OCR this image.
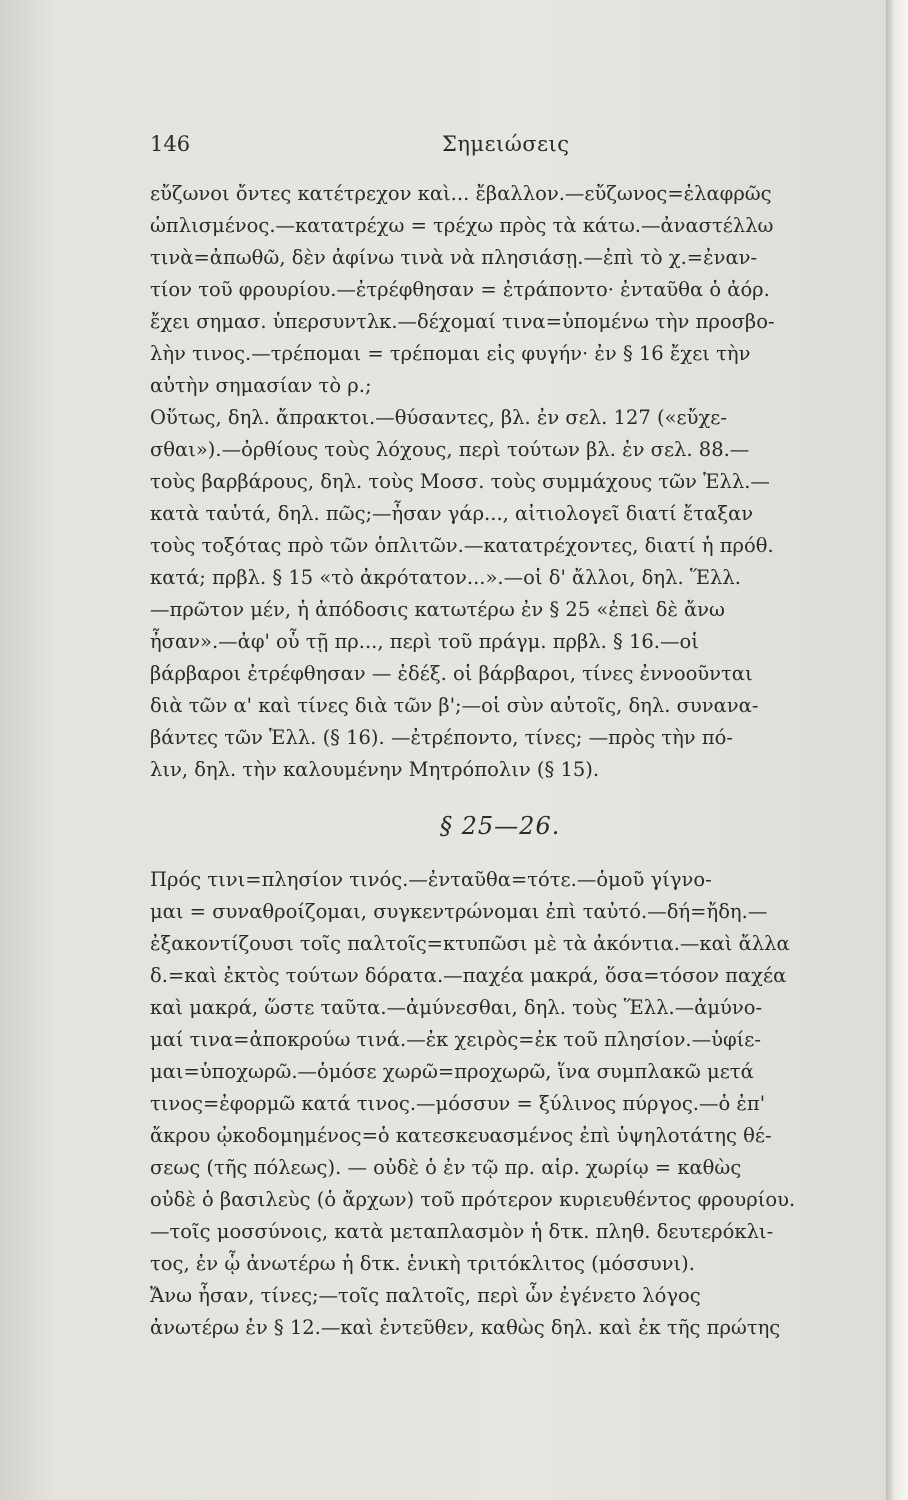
146	Σημειώσεις
εὔζωνοι ὄντες κατέτρεχον καὶ... ἔβαλλον.—εὔζωνος=ἐλαφρῶς
ὡπλισμένος.—κατατρέχω = τρέχω πρὸς τὰ κάτω.—ἀναστέλλω
τινὰ=ἀπωθῶ, δὲν ἀφίνω τινὰ νὰ πλησιάσῃ.—ἐπὶ τὸ χ.=ἐναν-
τίον τοῦ φρουρίου.—ἐτρέφθησαν = ἐτράποντο· ἐνταῦθα ὁ ἀόρ.
ἔχει σημασ. ὑπερσυντλκ.—δέχομαί τινα=ὑπομένω τὴν προσβο-
λὴν τινος.—τρέπομαι = τρέπομαι εἰς φυγήν· ἐν § 16 ἔχει τὴν
αὐτὴν σημασίαν τὸ ρ.;
Οὕτως, δηλ. ἄπρακτοι.—θύσαντες, βλ. ἐν σελ. 127 («εὔχε-
σθαι»).—ὀρθίους τοὺς λόχους, περὶ τούτων βλ. ἐν σελ. 88.—
τοὺς βαρβάρους, δηλ. τοὺς Μοσσ. τοὺς συμμάχους τῶν Ἑλλ.—
κατὰ ταὐτά, δηλ. πῶς;—ἦσαν γάρ..., αἰτιολογεῖ διατί ἔταξαν
τοὺς τοξότας πρὸ τῶν ὁπλιτῶν.—κατατρέχοντες, διατί ἡ πρόθ.
κατά; πρβλ. § 15 «τὸ ἀκρότατον...».—οἱ δ' ἄλλοι, δηλ. Ἕλλ.
—πρῶτον μέν, ἡ ἀπόδοσις κατωτέρω ἐν § 25 «ἐπεὶ δὲ ἄνω
ἦσαν».—ἀφ' οὗ τῇ πρ..., περὶ τοῦ πράγμ. πρβλ. § 16.—οἱ
βάρβαροι ἐτρέφθησαν — ἐδέξ. οἱ βάρβαροι, τίνες ἐννοοῦνται
διὰ τῶν α' καὶ τίνες διὰ τῶν β';—οἱ σὺν αὐτοῖς, δηλ. συνανα-
βάντες τῶν Ἑλλ. (§ 16). —ἐτρέποντο, τίνες; —πρὸς τὴν πό-
λιν, δηλ. τὴν καλουμένην Μητρόπολιν (§ 15).
§ 25—26.
Πρός τινι=πλησίον τινός.—ἐνταῦθα=τότε.—ὁμοῦ γίγνο-
μαι = συναθροίζομαι, συγκεντρώνομαι ἐπὶ ταὐτό.—δή=ἤδη.—
ἐξακοντίζουσι τοῖς παλτοῖς=κτυπῶσι μὲ τὰ ἀκόντια.—καὶ ἄλλα
δ.=καὶ ἐκτὸς τούτων δόρατα.—παχέα μακρά, ὅσα=τόσον παχέα
καὶ μακρά, ὥστε ταῦτα.—ἀμύνεσθαι, δηλ. τοὺς Ἕλλ.—ἀμύνο-
μαί τινα=ἀποκρούω τινά.—ἐκ χειρὸς=ἐκ τοῦ πλησίον.—ὑφίε-
μαι=ὑποχωρῶ.—ὁμόσε χωρῶ=προχωρῶ, ἵνα συμπλακῶ μετά
τινος=ἐφορμῶ κατά τινος.—μόσσυν = ξύλινος πύργος.—ὁ ἐπ'
ἄκρου ᾠκοδομημένος=ὁ κατεσκευασμένος ἐπὶ ὑψηλοτάτης θέ-
σεως (τῆς πόλεως). — οὐδὲ ὁ ἐν τῷ πρ. αἱρ. χωρίῳ = καθὼς
οὐδὲ ὁ βασιλεὺς (ὁ ἄρχων) τοῦ πρότερον κυριευθέντος φρουρίου.
—τοῖς μοσσύνοις, κατὰ μεταπλασμὸν ἡ δτκ. πληθ. δευτερόκλι-
τος, ἐν ᾧ ἀνωτέρω ἡ δτκ. ἑνικὴ τριτόκλιτος (μόσσυνι).
Ἄνω ἦσαν, τίνες;—τοῖς παλτοῖς, περὶ ὧν ἐγένετο λόγος
ἀνωτέρω ἐν § 12.—καὶ ἐντεῦθεν, καθὼς δηλ. καὶ ἐκ τῆς πρώτης
